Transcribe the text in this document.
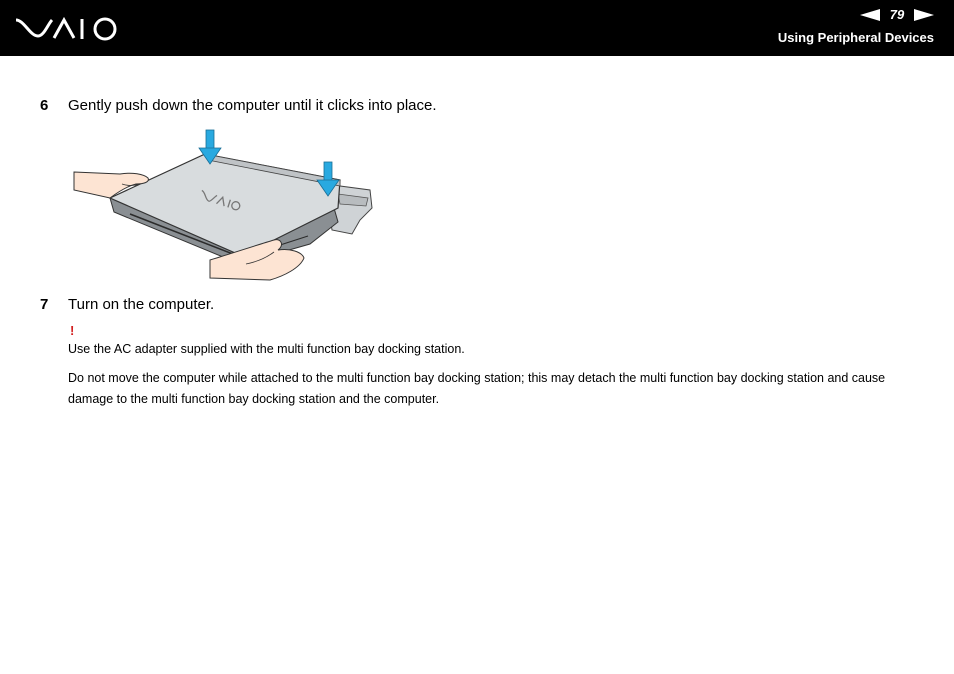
79
Using Peripheral Devices
6 Gently push down the computer until it clicks into place.
7 Turn on the computer.
!
Use the AC adapter supplied with the multi function bay docking station.
Do not move the computer while attached to the multi function bay docking station; this may detach the multi function bay docking station and cause damage to the multi function bay docking station and the computer.
